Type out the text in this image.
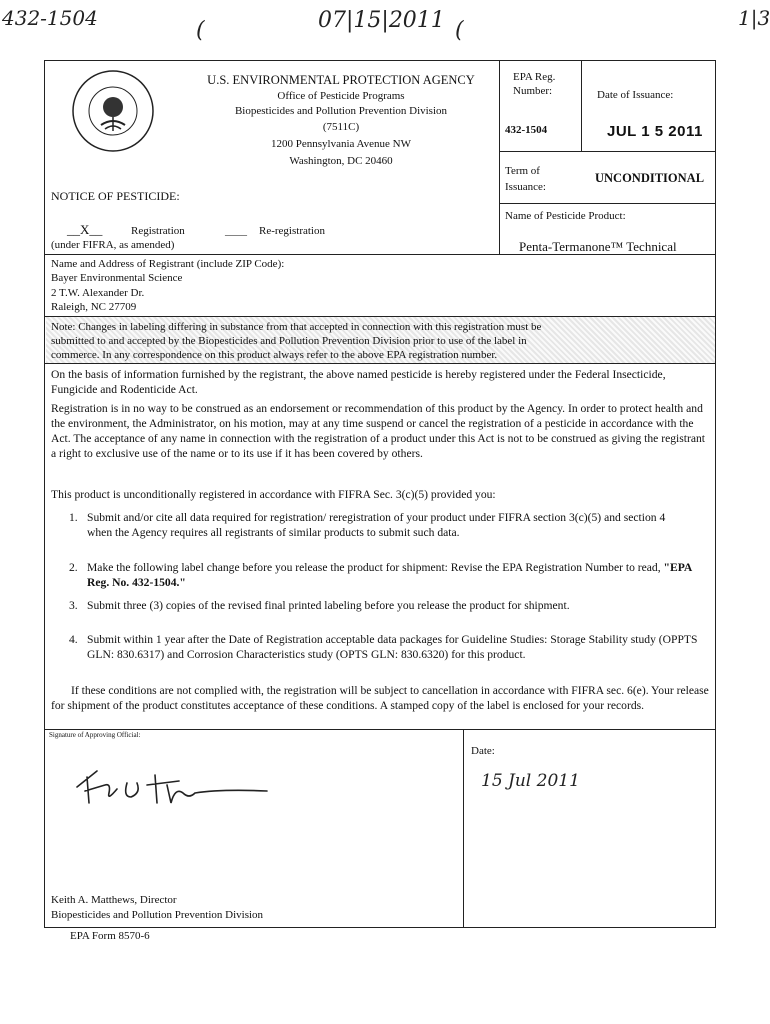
432-1504	(	07|15|2011 (	1|3
U.S. ENVIRONMENTAL PROTECTION AGENCY
Office of Pesticide Programs
Biopesticides and Pollution Prevention Division
(7511C)
1200 Pennsylvania Avenue NW
Washington, DC 20460
NOTICE OF PESTICIDE:
__X__	Registration	____ Re-registration
(under FIFRA, as amended)
EPA Reg.
Number:
432-1504
Date of Issuance:
JUL 1 5 2011
Term of
Issuance:
UNCONDITIONAL
Name of Pesticide Product:
Penta-Termanone™ Technical
Name and Address of Registrant (include ZIP Code):
Bayer Environmental Science
2 T.W. Alexander Dr.
Raleigh, NC 27709
Note: Changes in labeling differing in substance from that accepted in connection with this registration must be
submitted to and accepted by the Biopesticides and Pollution Prevention Division prior to use of the label in
commerce. In any correspondence on this product always refer to the above EPA registration number.
On the basis of information furnished by the registrant, the above named pesticide is hereby registered under the Federal Insecticide, Fungicide and Rodenticide Act.
Registration is in no way to be construed as an endorsement or recommendation of this product by the Agency. In order to protect health and the environment, the Administrator, on his motion, may at any time suspend or cancel the registration of a pesticide in accordance with the Act. The acceptance of any name in connection with the registration of a product under this Act is not to be construed as giving the registrant a right to exclusive use of the name or to its use if it has been covered by others.
This product is unconditionally registered in accordance with FIFRA Sec. 3(c)(5) provided you:
1. Submit and/or cite all data required for registration/ reregistration of your product under FIFRA section 3(c)(5) and section 4 when the Agency requires all registrants of similar products to submit such data.
2. Make the following label change before you release the product for shipment: Revise the EPA Registration Number to read, "EPA Reg. No. 432-1504."
3. Submit three (3) copies of the revised final printed labeling before you release the product for shipment.
4. Submit within 1 year after the Date of Registration acceptable data packages for Guideline Studies: Storage Stability study (OPPTS GLN: 830.6317) and Corrosion Characteristics study (OPTS GLN: 830.6320) for this product.
If these conditions are not complied with, the registration will be subject to cancellation in accordance with FIFRA sec. 6(e). Your release for shipment of the product constitutes acceptance of these conditions. A stamped copy of the label is enclosed for your records.
Signature of Approving Official:
Date:
15 Jul 2011
Keith A. Matthews, Director
Biopesticides and Pollution Prevention Division
EPA Form 8570-6
